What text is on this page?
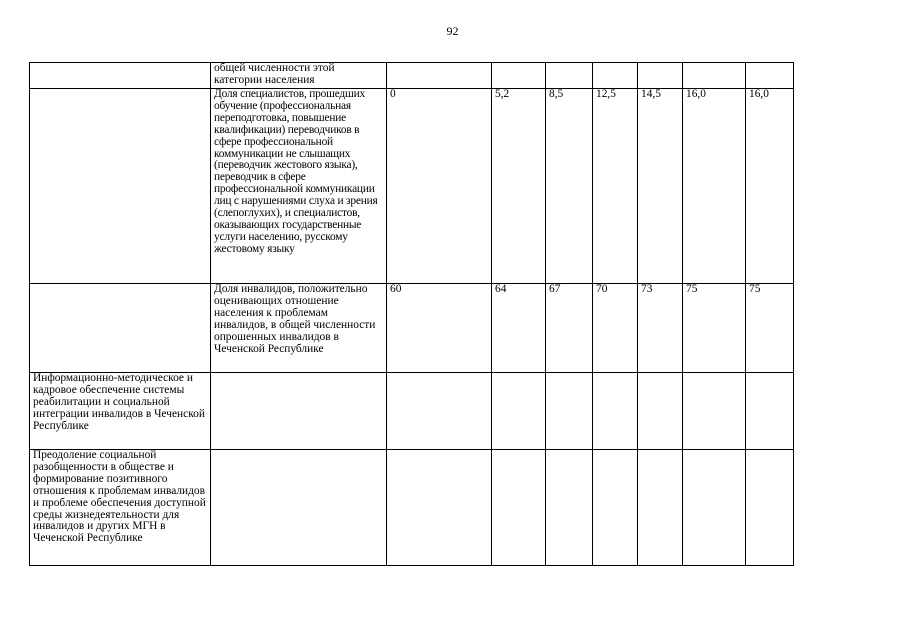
92
	общей численности этой категории населения							
	Доля специалистов, прошедших обучение (профессиональная переподготовка, повышение квалификации) переводчиков в сфере профессиональной коммуникации не слышащих (переводчик жестового языка), переводчик в сфере профессиональной коммуникации лиц с нарушениями слуха и зрения (слепоглухих), и специалистов, оказывающих государственные услуги населению, русскому жестовому языку	0	5,2	8,5	12,5	14,5	16,0	16,0
	Доля инвалидов, положительно оценивающих отношение населения к проблемам инвалидов, в общей численности опрошенных инвалидов в Чеченской Республике	60	64	67	70	73	75	75
Информационно-методическое и кадровое обеспечение системы реабилитации и социальной интеграции инвалидов в Чеченской Республике								
Преодоление социальной разобщенности в обществе и формирование позитивного отношения к проблемам инвалидов и проблеме обеспечения доступной среды жизнедеятельности для инвалидов и других МГН в Чеченской Республике								
